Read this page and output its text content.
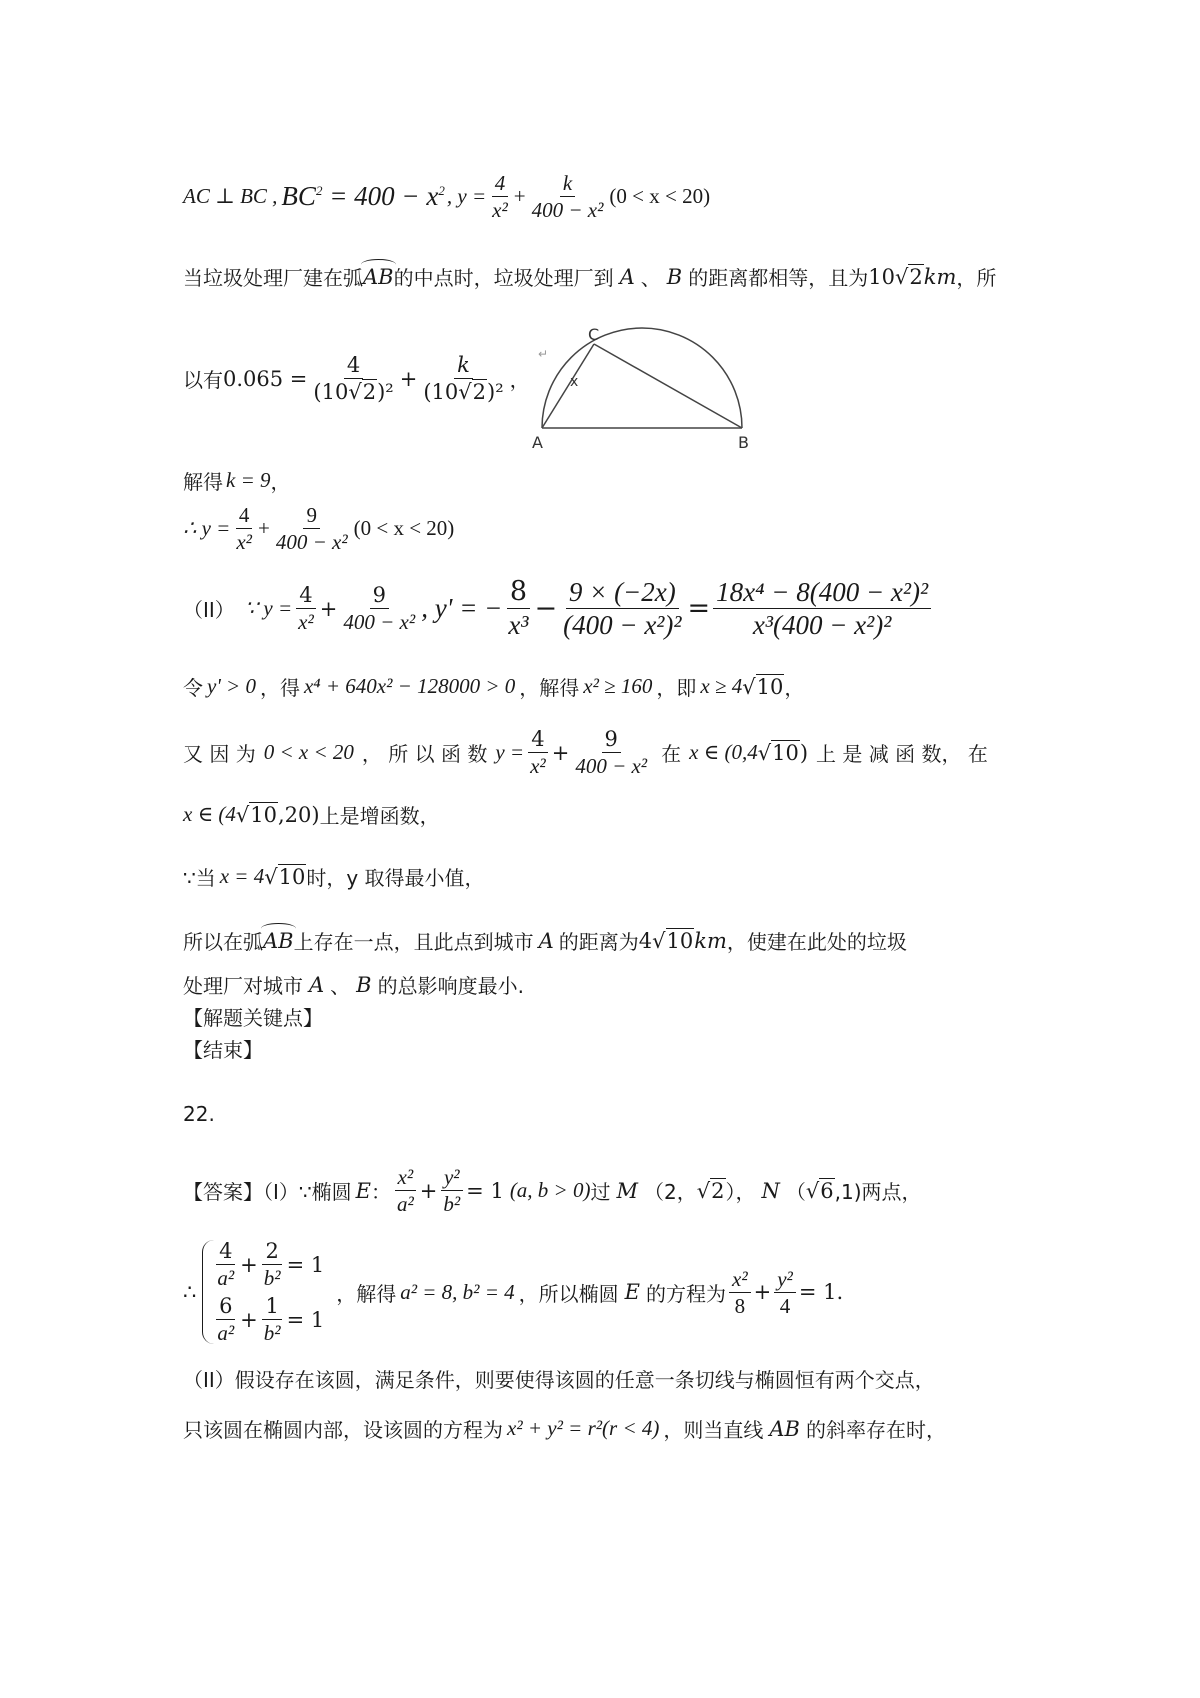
AC ⊥ BC , $BC^2 = 400 - x^2$ , $y = \frac{4}{\text{x²}} + \frac{k}{\text{400 − x²}} (0 < x < 20)$
当垃圾处理厂建在弧 AB 的中点时，垃圾处理厂到 A 、 B 的距离都相等，且为 10 √ 2 km ，所
以有 $0.065 = \frac{4}{\text{(10√2)²}} + \frac{k}{\text{(10√2)²}}$ ，
C
A	B
x
↵
解得 k = 9 ，
∴ $y = \frac{4}{\text{x²}} + \frac{9}{\text{400 − x²}} (0 < x < 20)$
（II） ∵ $y = \frac{4}{\text{x²}} + \frac{9}{\text{400 − x²}}$ , y' = − $\frac{8}{\text{x³}} - \frac{9 \times (-2x)}{\text{(400 − x²)²}} = \frac{\text{18x⁴ − 8(400 − x²)²}}{\text{x³(400 − x²)²}}$
令 y' > 0 ，得 x⁴ + 640x² − 128000 > 0 ，解得 x² ≥ 160 ，即 x ≥ 4 √ 10 ，
又 因 为 0 < x < 20 ， 所 以 函 数 $y = \frac{4}{\text{x²}} + \frac{9}{\text{400 − x²}}$ 在 x ∈ (0,4 √ 10 ) 上 是 减 函 数， 在
x ∈ (4 √ 10 ,20) 上是增函数，
∵当 x = 4 √ 10 时，y 取得最小值，
所以在弧 AB 上存在一点，且此点到城市 A 的距离为 4 √ 10 km ，使建在此处的垃圾
处理厂对城市 A 、 B 的总影响度最小.
【解题关键点】
【结束】
22.
【答案】（I）∵椭圆 E ： $\frac{\text{x²}}{\text{a²}} + \frac{\text{y²}}{\text{b²}} = 1$ (a, b > 0) 过 M （2， √ 2 ）， N （ √ 6 ,1)两点，
∴
$\frac{4}{\text{a²}} + \frac{2}{\text{b²}} = 1$
$\frac{6}{\text{a²}} + \frac{1}{\text{b²}} = 1$
，解得 a² = 8, b² = 4 ，所以椭圆 E 的方程为 $\frac{\text{x²}}{8} + \frac{\text{y²}}{4} = 1$.
（II）假设存在该圆，满足条件，则要使得该圆的任意一条切线与椭圆恒有两个交点，
只该圆在椭圆内部，设该圆的方程为 x² + y² = r²(r < 4) ，则当直线 AB 的斜率存在时，
